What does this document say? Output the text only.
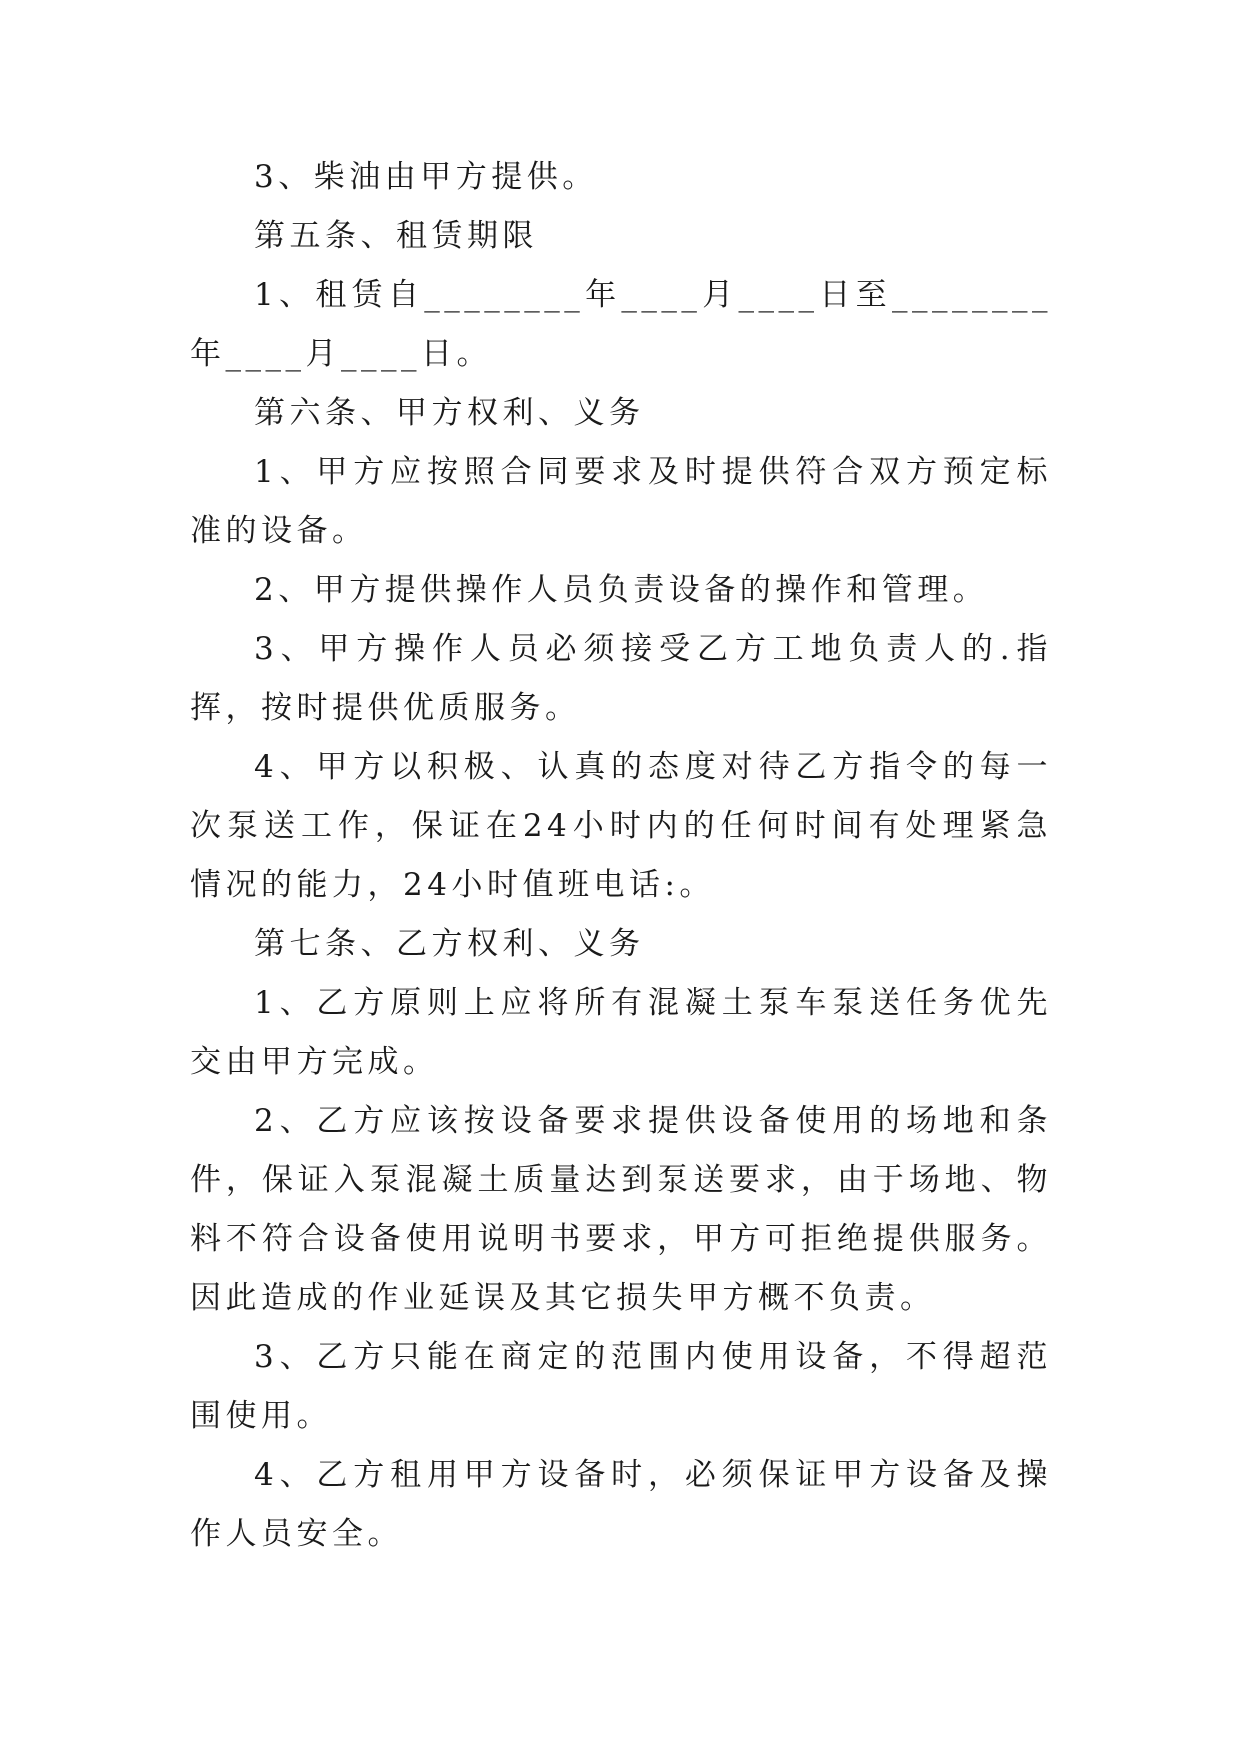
3、柴油由甲方提供。

第五条、租赁期限

1、租赁自________年____月____日至________年____月____日。

第六条、甲方权利、义务

1、甲方应按照合同要求及时提供符合双方预定标准的设备。

2、甲方提供操作人员负责设备的操作和管理。

3、甲方操作人员必须接受乙方工地负责人的.指挥，按时提供优质服务。

4、甲方以积极、认真的态度对待乙方指令的每一次泵送工作，保证在24小时内的任何时间有处理紧急情况的能力，24小时值班电话:。

第七条、乙方权利、义务

1、乙方原则上应将所有混凝土泵车泵送任务优先交由甲方完成。

2、乙方应该按设备要求提供设备使用的场地和条件，保证入泵混凝土质量达到泵送要求，由于场地、物料不符合设备使用说明书要求，甲方可拒绝提供服务。因此造成的作业延误及其它损失甲方概不负责。

3、乙方只能在商定的范围内使用设备，不得超范围使用。

4、乙方租用甲方设备时，必须保证甲方设备及操作人员安全。
